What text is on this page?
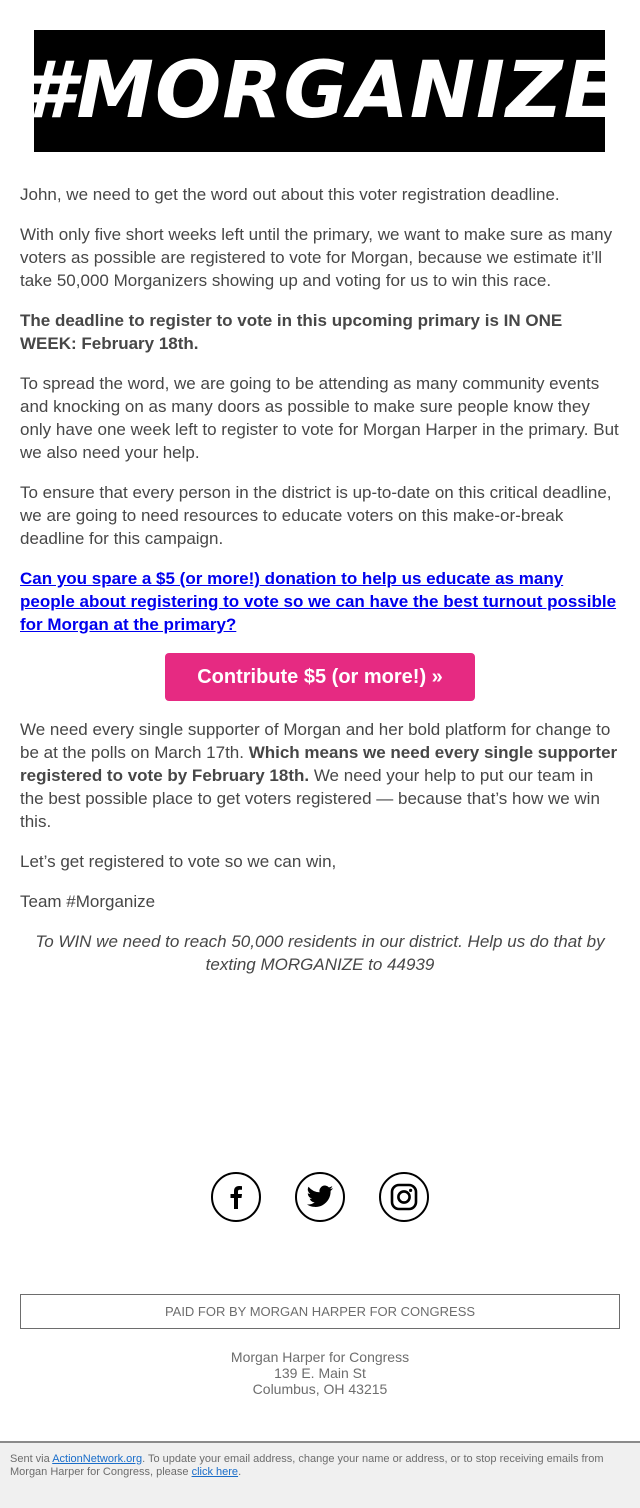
#MORGANIZE

John, we need to get the word out about this voter registration deadline.

With only five short weeks left until the primary, we want to make sure as many voters as possible are registered to vote for Morgan, because we estimate it’ll take 50,000 Morganizers showing up and voting for us to win this race.

The deadline to register to vote in this upcoming primary is IN ONE WEEK: February 18th.

To spread the word, we are going to be attending as many community events and knocking on as many doors as possible to make sure people know they only have one week left to register to vote for Morgan Harper in the primary. But we also need your help.

To ensure that every person in the district is up-to-date on this critical deadline, we are going to need resources to educate voters on this make-or-break deadline for this campaign.

Can you spare a $5 (or more!) donation to help us educate as many people about registering to vote so we can have the best turnout possible for Morgan at the primary?

Contribute $5 (or more!) »

We need every single supporter of Morgan and her bold platform for change to be at the polls on March 17th. Which means we need every single supporter registered to vote by February 18th. We need your help to put our team in the best possible place to get voters registered — because that’s how we win this.

Let’s get registered to vote so we can win,

Team #Morganize

To WIN we need to reach 50,000 residents in our district. Help us do that by texting MORGANIZE to 44939

PAID FOR BY MORGAN HARPER FOR CONGRESS
Morgan Harper for Congress
139 E. Main St
Columbus, OH 43215
Sent via ActionNetwork.org. To update your email address, change your name or address, or to stop receiving emails from Morgan Harper for Congress, please click here.
